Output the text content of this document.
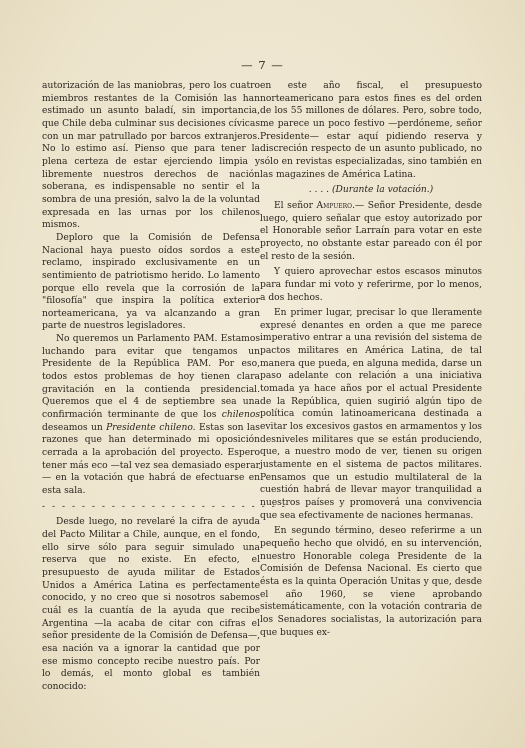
— 7 —

autorización de las maniobras, pero los cuatro miembros restantes de la Comisión las han estimado un asunto baladí, sin importancia, que Chile deba culminar sus decisiones cívicas con un mar patrullado por barcos extranjeros. No lo estimo así. Pienso que para tener la plena certeza de estar ejerciendo limpia y libremente nuestros derechos de nación soberana, es indispensable no sentir el la sombra de una presión, salvo la de la voluntad expresada en las urnas por los chilenos mismos.

Deploro que la Comisión de Defensa Nacional haya puesto oídos sordos a este reclamo, inspirado exclusivamente en un sentimiento de patriotismo herido. Lo lamento porque ello revela que la corrosión de la "filosofía" que inspira la política exterior norteamericana, ya va alcanzando a gran parte de nuestros legisladores.

No queremos un Parlamento PAM. Estamos luchando para evitar que tengamos un Presidente de la República PAM. Por eso, todos estos problemas de hoy tienen clara gravitación en la contienda presidencial. Queremos que el 4 de septiembre sea una confirmación terminante de que los chilenos deseamos un Presidente chileno. Estas son las razones que han determinado mi oposición cerrada a la aprobación del proyecto. Espero tener más eco —tal vez sea demasiado esperar— en la votación que habrá de efectuarse en esta sala.

- - - - - - - - - - - - - - - - - - - - - - - - -

Desde luego, no revelaré la cifra de ayuda del Pacto Militar a Chile, aunque, en el fondo, ello sirve sólo para seguir simulado una reserva que no existe. En efecto, el presupuesto de ayuda militar de Estados Unidos a América Latina es perfectamente conocido, y no creo que si nosotros sabemos cuál es la cuantía de la ayuda que recibe Argentina —la acaba de citar con cifras el señor presidente de la Comisión de Defensa—, esa nación va a ignorar la cantidad que por ese mismo concepto recibe nuestro país. Por lo demás, el monto global es también conocido:

en este año fiscal, el presupuesto norteamericano para estos fines es del orden de los 55 millones de dólares. Pero, sobre todo, me parece un poco festivo —perdóneme, señor Presidente— estar aquí pidiendo reserva y discreción respecto de un asunto publicado, no sólo en revistas especializadas, sino también en las magazines de América Latina.

. . . . (Durante la votación.)

El señor Ampuero.— Señor Presidente, desde luego, quiero señalar que estoy autorizado por el Honorable señor Larraín para votar en este proyecto, no obstante estar pareado con él por el resto de la sesión.

Y quiero aprovechar estos escasos minutos para fundar mi voto y referirme, por lo menos, a dos hechos.

En primer lugar, precisar lo que lleramente expresé denantes en orden a que me parece imperativo entrar a una revisión del sistema de pactos militares en América Latina, de tal manera que pueda, en alguna medida, darse un paso adelante con relación a una iniciativa tomada ya hace años por el actual Presidente de la República, quien sugirió algún tipo de política común latinoamericana destinada a evitar los excesivos gastos en armamentos y los desniveles militares que se están produciendo, que, a nuestro modo de ver, tienen su origen justamente en el sistema de pactos militares. Pensamos que un estudio multilateral de la cuestión habrá de llevar mayor tranquilidad a nuestros países y promoverá una convivencia que sea efectivamente de naciones hermanas.

En segundo término, deseo referirme a un pequeño hecho que olvidó, en su intervención, nuestro Honorable colega Presidente de la Comisión de Defensa Nacional. Es cierto que ésta es la quinta Operación Unitas y que, desde el año 1960, se viene aprobando sistemáticamente, con la votación contraria de los Senadores socialistas, la autorización para que buques ex-
